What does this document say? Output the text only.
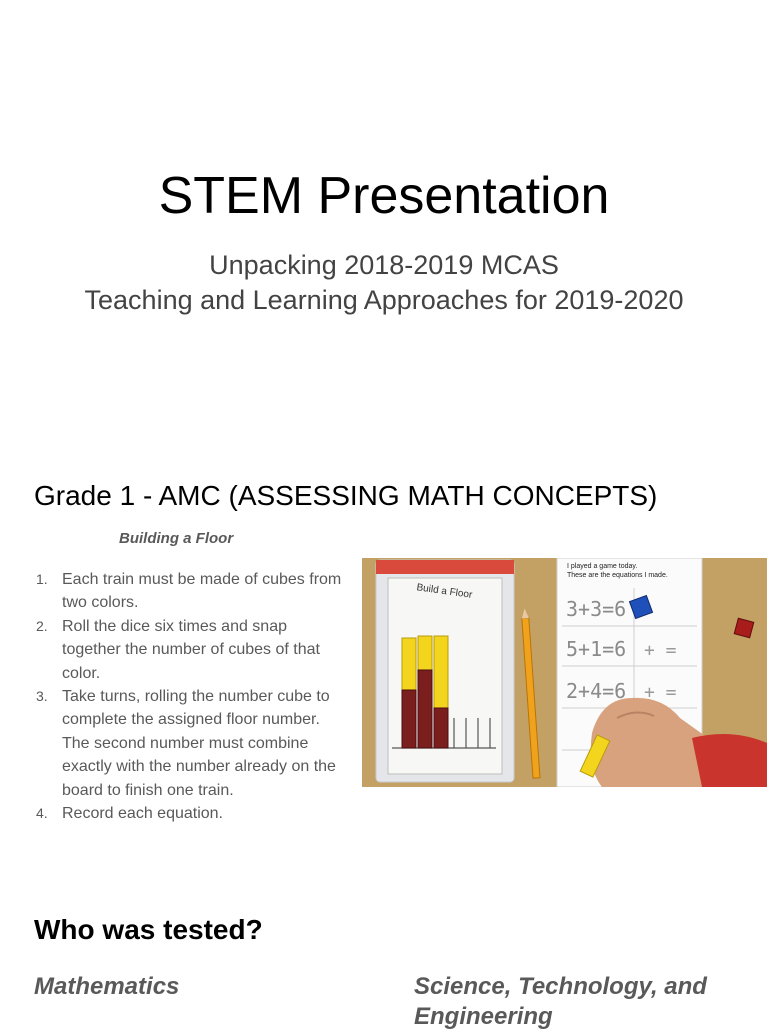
STEM Presentation
Unpacking 2018-2019 MCAS
Teaching and Learning Approaches for 2019-2020
Grade 1 - AMC (ASSESSING MATH CONCEPTS)
Building a Floor
1. Each train must be made of cubes from two colors.
2. Roll the dice six times and snap together the number of cubes of that color.
3. Take turns, rolling the number cube to complete the assigned floor number. The second number must combine exactly with the number already on the board to finish one train.
4. Record each equation.
Build a Floor
I played a game today.
These are the equations I made.
3+3=6
5+1=6
2+4=6
+ =
+ =
Who was tested?
Mathematics	Science, Technology, and Engineering
